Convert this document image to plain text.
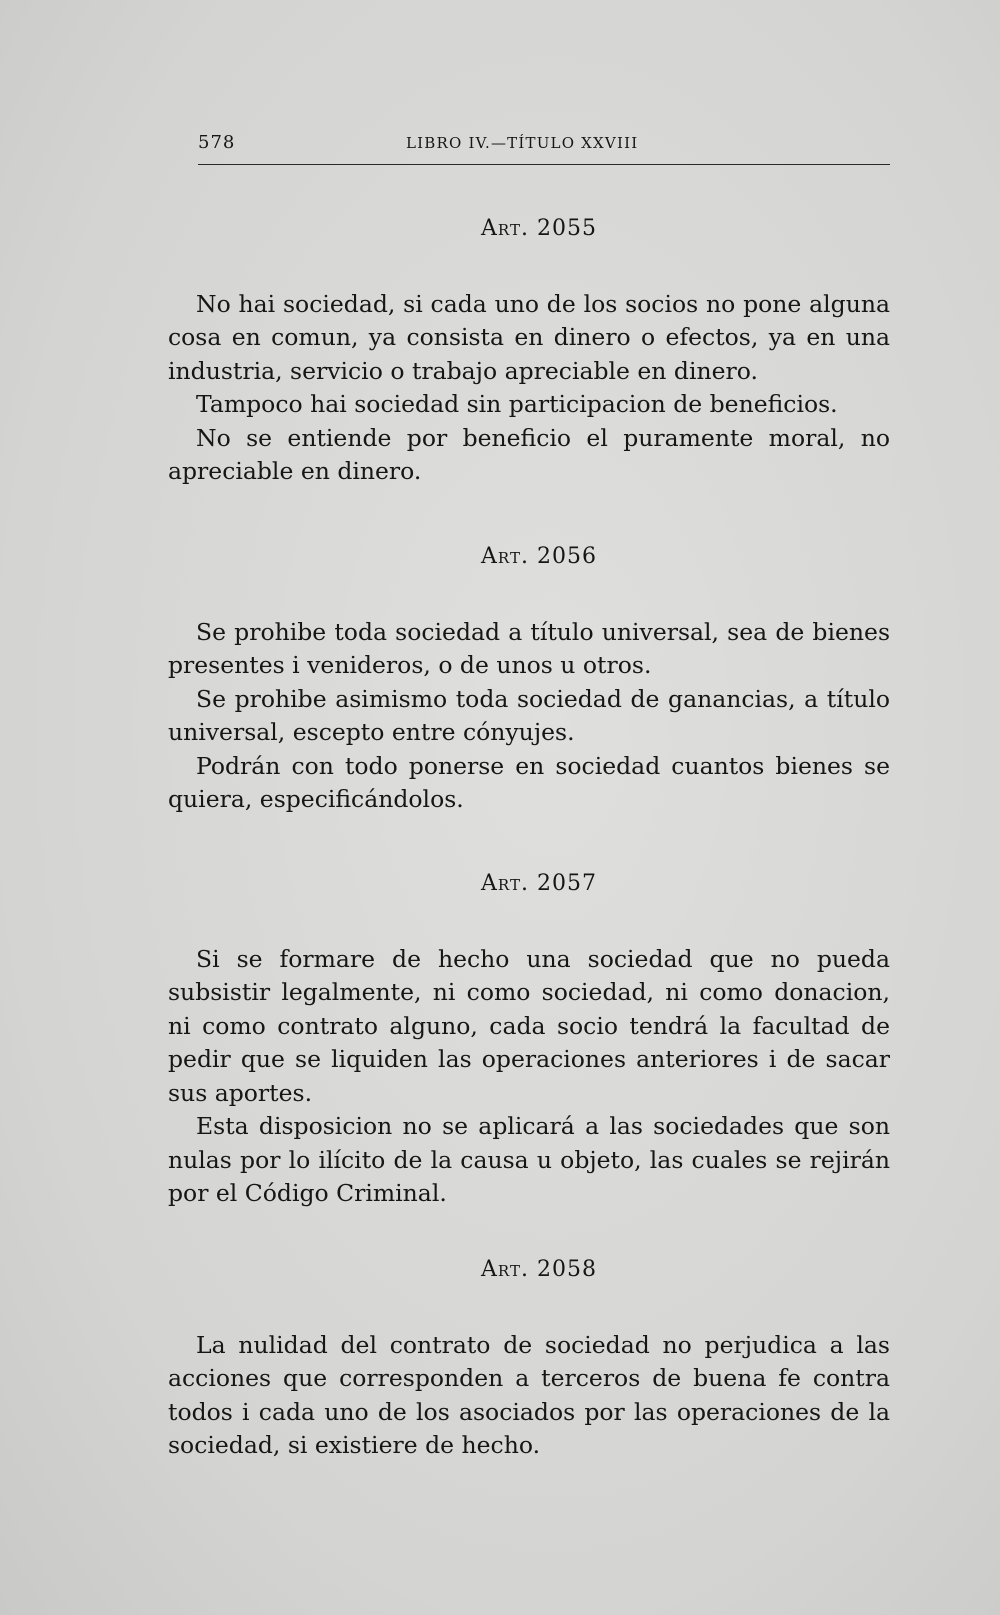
578	LIBRO IV.—TÍTULO XXVIII
Art. 2055

No hai sociedad, si cada uno de los socios no pone alguna cosa en comun, ya consista en dinero o efectos, ya en una industria, servicio o trabajo apreciable en dinero.

Tampoco hai sociedad sin participacion de beneficios.

No se entiende por beneficio el puramente moral, no apreciable en dinero.

Art. 2056

Se prohibe toda sociedad a título universal, sea de bienes presentes i venideros, o de unos u otros.

Se prohibe asimismo toda sociedad de ganancias, a título universal, escepto entre cónyujes.

Podrán con todo ponerse en sociedad cuantos bienes se quiera, especificándolos.

Art. 2057

Si se formare de hecho una sociedad que no pueda subsistir legalmente, ni como sociedad, ni como donacion, ni como contrato alguno, cada socio tendrá la facultad de pedir que se liquiden las operaciones anteriores i de sacar sus aportes.

Esta disposicion no se aplicará a las sociedades que son nulas por lo ilícito de la causa u objeto, las cuales se rejirán por el Código Criminal.

Art. 2058

La nulidad del contrato de sociedad no perjudica a las acciones que corresponden a terceros de buena fe contra todos i cada uno de los asociados por las operaciones de la sociedad, si existiere de hecho.
